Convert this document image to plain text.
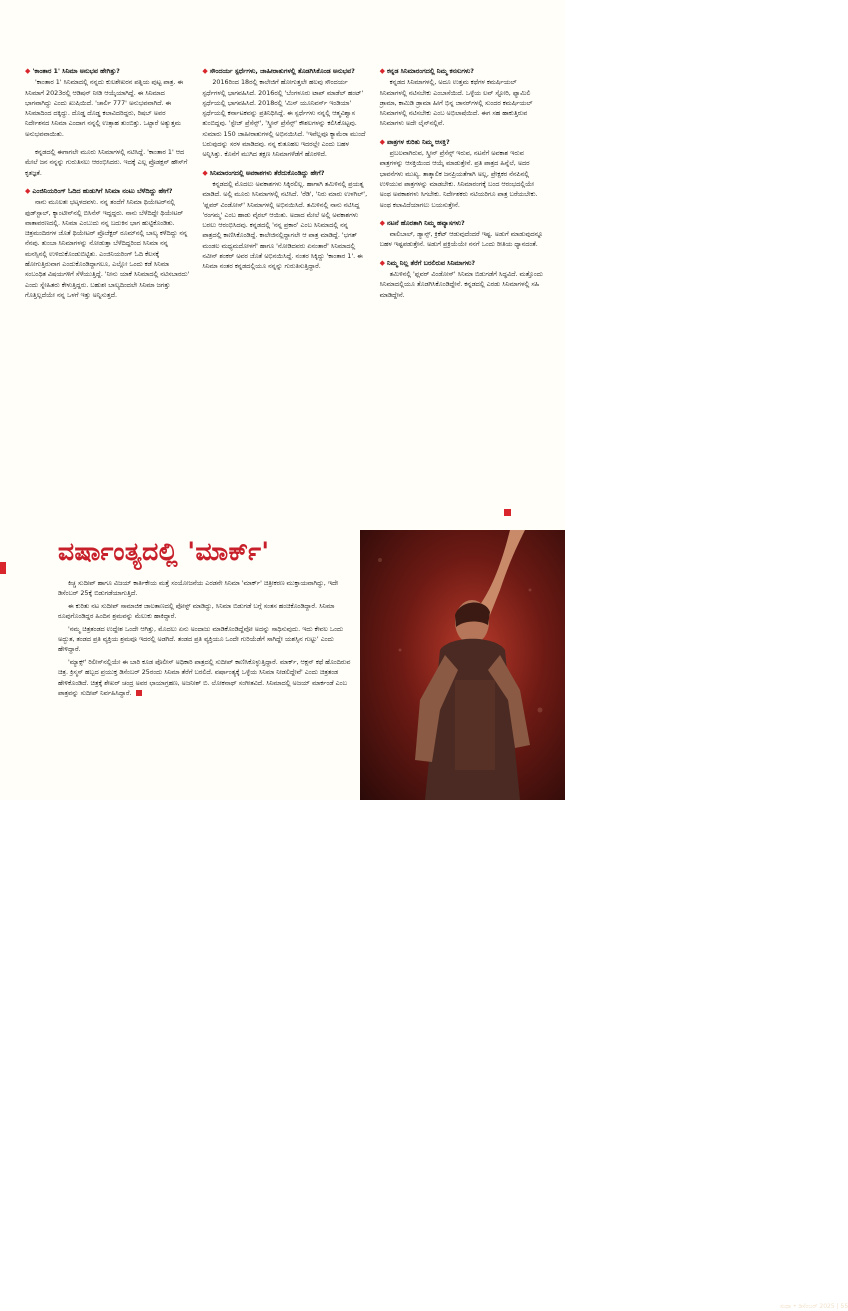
◆ 'ಕಾಂತಾರ 1' ಸಿನಿಮಾ ಅನುಭವ ಹೇಗಿತ್ತು?

'ಕಾಂತಾರ 1' ಸಿನಿಮಾದಲ್ಲಿ ನನ್ನದು ಕುಲಶೇಖರನ ಪತ್ನಿಯ ಪುಟ್ಟ ಪಾತ್ರ. ಈ ಸಿನಿಮಾಗೆ 2023ರಲ್ಲಿ ಆಡಿಷನ್ ನೀಡಿ ಆಯ್ಕೆಯಾಗಿದ್ದೆ. ಈ ಸಿನಿಮಾದ ಭಾಗವಾಗಿದ್ದು ಎಂದು ಖುಷಿಯಿದೆ. 'ಚಾರ್ಲಿ 777' ಅನುಭವವಾಗಿದೆ. ಈ ಸಿನಿಮಾದಿಂದ ದಕ್ಕಿದ್ದು. ದೊಡ್ಡ ದೊಡ್ಡ ಕಲಾವಿದರಿದ್ದರು, ರಿಷಬ್ ಅವರ ನಿರ್ದೇಶನದ ಸಿನಿಮಾ ಎಂದಾಗ ನನ್ನಲ್ಲಿ ಉತ್ಸಾಹ ತುಂಬಿತ್ತು. ಒಟ್ಟಾರೆ ಅತ್ಯುತ್ತಮ ಅನುಭವವಾಯಿತು.

ಕನ್ನಡದಲ್ಲಿ ಈಗಾಗಲೇ ಮೂರು ಸಿನಿಮಾಗಳಲ್ಲಿ ನಟಿಸಿದ್ದೆ. 'ಕಾಂತಾರ 1' ಆದ ಮೇಲೆ ಜನ ನನ್ನನ್ನು ಗುರುತಿಸಲು ಆರಂಭಿಸಿದರು. ಇದಕ್ಕೆ ಎಲ್ಲ ಪ್ರೊಡಕ್ಷನ್ ಹೌಸ್‌ಗೆ ಕೃತಜ್ಞತೆ.

◆ ಎಂಜಿನಿಯರಿಂಗ್ ಓದಿದ ಹುಡುಗಿಗೆ ಸಿನಿಮಾ ನಂಟು ಬೆಳೆದಿದ್ದು ಹೇಗೆ?

ನಾನು ಮೂಲತಃ ಭಟ್ಕಳದವಳು. ನನ್ನ ತಂದೆಗೆ ಸಿನಿಮಾ ಥಿಯೇಟರ್‌ನಲ್ಲಿ ಫುಡ್‌ಸ್ಟಾಲ್, ಕ್ಯಾಂಟೀನ್‌ನಲ್ಲಿ ಬಿಸಿನೆಸ್ ಇದ್ದದ್ದರು. ನಾನು ಬೆಳೆದಿದ್ದೇ ಥಿಯೇಟರ್ ವಾತಾವರಣದಲ್ಲಿ. ಸಿನಿಮಾ ಎಂಬುದು ನನ್ನ ಬದುಕಿನ ಭಾಗ ಹುಟ್ಟಿಕೊಂಡಿತು. ಚಿತ್ರಮಂದಿರಗಳ ಜೊತೆ ಥಿಯೇಟರ್ ಪ್ರೊಜೆಕ್ಟರ್ ರೂಮ್‌ನಲ್ಲಿ ಬಾಲ್ಯ ಕಳೆದಿದ್ದು ನನ್ನ ನೆನಪು. ತುಂಬಾ ಸಿನಿಮಾಗಳನ್ನು ನೋಡುತ್ತಾ ಬೆಳೆದಿದ್ದರಿಂದ ಸಿನಿಮಾ ನನ್ನ ಮನಸ್ಸಿನಲ್ಲಿ ಉಳಿದುಕೊಂಡುಬಿಟ್ಟಿತು. ಎಂಜಿನಿಯರಿಂಗ್ ಓದಿ ಕೆಲಸಕ್ಕೆ ಹೋಗುತ್ತಿರುವಾಗ ಎಂದುಕೊಂಡಿದ್ದಾಗಲೂ, ಎಲ್ಲೋ ಒಂದು ಕಡೆ ಸಿನಿಮಾ ಸಂಬಂಧಿತ ವಿಷಯಗಳಿಗೆ ಸೆಳೆಯುತ್ತಿದ್ದೆ. 'ನೀನು ಯಾಕೆ ಸಿನಿಮಾದಲ್ಲಿ ನಟಿಸಬಾರದು' ಎಂದು ಸ್ನೇಹಿತರು ಕೇಳುತ್ತಿದ್ದರು. ಬಹುಶಃ ಬಾಲ್ಯದಿಂದಲೇ ಸಿನಿಮಾ ಜಗತ್ತು ಗೊತ್ತಿಲ್ಲದೆಯೇ ನನ್ನ ಒಳಗೆ ಇತ್ತು ಅನ್ನಿಸುತ್ತದೆ.

◆ ಸೌಂದರ್ಯ ಸ್ಪರ್ಧೆಗಳು, ಜಾಹೀರಾತುಗಳಲ್ಲಿ ತೊಡಗಿಸಿಕೊಂಡ ಅನುಭವ?

2016ರಿಂದ 18ರಲ್ಲಿ ಕಾಲೇಜಿಗೆ ಹೋಗುತ್ತಲೇ ಹಲವು ಸೌಂದರ್ಯ ಸ್ಪರ್ಧೆಗಳಲ್ಲಿ ಭಾಗವಹಿಸಿದೆ. 2016ರಲ್ಲಿ 'ಬೆಂಗಳೂರು ಟಾಪ್ ಮಾಡೆಲ್ ಹಂಟ್' ಸ್ಪರ್ಧೆಯಲ್ಲಿ ಭಾಗವಹಿಸಿದೆ. 2018ರಲ್ಲಿ 'ಮಿಸ್ ಯೂನಿವರ್ಸ್ ಇಂಡಿಯಾ' ಸ್ಪರ್ಧೆಯಲ್ಲಿ ಕರ್ನಾಟಕವನ್ನು ಪ್ರತಿನಿಧಿಸಿದ್ದೆ. ಈ ಸ್ಪರ್ಧೆಗಳು ನನ್ನಲ್ಲಿ ಆತ್ಮವಿಶ್ವಾಸ ತುಂಬಿದ್ದವು. 'ಸ್ಟೇಜ್ ಪ್ರೆಸೆನ್ಸ್', 'ಸ್ಕ್ರೀನ್ ಪ್ರೆಸೆನ್ಸ್' ಕೌಶಲಗಳನ್ನು ಕಲಿಸಿಕೊಟ್ಟವು. ಸುಮಾರು 150 ಜಾಹೀರಾತುಗಳಲ್ಲಿ ಅಭಿನಯಿಸಿದೆ. 'ಇವೆಲ್ಲವೂ ಕ್ಯಾಮೆರಾ ಮುಂದೆ ಬರುವುದನ್ನು ಸರಳ ಮಾಡಿದವು. ನನ್ನ ಕುತೂಹಲ ಇದರಲ್ಲೇ ಎಂದು ಬಹಳ ಅನ್ನಿಸಿತ್ತು. ಕೊನೆಗೆ ಮುಗಿದ ತಕ್ಷಣ ಸಿನಿಮಾಗಳೆಡೆಗೆ ಹೊರಳಿದೆ.

◆ ಸಿನಿಮಾರಂಗದಲ್ಲಿ ಅವಕಾಶಗಳು ತೆರೆದುಕೊಂಡಿದ್ದು ಹೇಗೆ?

ಕನ್ನಡದಲ್ಲಿ ಮೊದಲು ಅವಕಾಶಗಳು ಸಿಕ್ಕಿರಲಿಲ್ಲ. ಹಾಗಾಗಿ ತಮಿಳಿನಲ್ಲಿ ಪ್ರಯತ್ನ ಮಾಡಿದೆ. ಅಲ್ಲಿ ಮೂರು ಸಿನಿಮಾಗಳಲ್ಲಿ ನಟಿಸಿದೆ. 'ರೆಡಿ', 'ನಿರು ಮಾರು ಉಳಗಿಲ್', 'ಫ್ಲವರ್ ವಿಂಡೋಸ್' ಸಿನಿಮಾಗಳಲ್ಲಿ ಅಭಿನಯಿಸಿದೆ. ತಮಿಳಿನಲ್ಲಿ ನಾನು ನಟಿಸಿದ್ದ 'ರಂಗಮ್ಮ' ಎಂಬ ಹಾಡು ವೈರಲ್ ಆಯಿತು. ಅದಾದ ಮೇಲೆ ಅಲ್ಲಿ ಅವಕಾಶಗಳು ಬರಲು ಆರಂಭಿಸಿದವು. ಕನ್ನಡದಲ್ಲಿ 'ನನ್ನ ಪ್ರಕಾರ' ಎಂಬ ಸಿನಿಮಾದಲ್ಲಿ ನನ್ನ ಪಾತ್ರದಲ್ಲಿ ಕಾಣಿಸಿಕೊಂಡಿದ್ದೆ. ಕಾಲೇಜಿನಲ್ಲಿದ್ದಾಗಲೇ ಆ ಪಾತ್ರ ಮಾಡಿದ್ದೆ. 'ಭಗತ್ ಮಂಡಲ ಮಧ್ಯಮದೋಳಗೆ' ಹಾಗೂ 'ನೋಡಿದವರು ಏನಂತಾರೆ' ಸಿನಿಮಾದಲ್ಲಿ ನವೀನ್ ಶಂಕರ್ ಅವರ ಜೊತೆ ಅಭಿನಯಿಸಿದ್ದೆ. ನಂತರ ಸಿಕ್ಕಿದ್ದು 'ಕಾಂತಾರ 1'. ಈ ಸಿನಿಮಾ ನಂತರ ಕನ್ನಡದಲ್ಲಿಯೂ ನನ್ನನ್ನು ಗುರುತಿಸುತ್ತಿದ್ದಾರೆ.

◆ ಕನ್ನಡ ಸಿನಿಮಾರಂಗದಲ್ಲಿ ನಿಮ್ಮ ಕನಸುಗಳು?

ಕನ್ನಡದ ಸಿನಿಮಾಗಳಲ್ಲಿ, ಅದೂ ಉತ್ತಮ ಕಥೆಗಳ ಕಮರ್ಷಿಯಲ್ ಸಿನಿಮಾಗಳಲ್ಲಿ ನಟಿಸಬೇಕು ಎಂಬಾಸೆಯಿದೆ. ಒಳ್ಳೆಯ ಲವ್ ಸ್ಟೋರಿ, ಫ್ಯಾಮಿಲಿ ಡ್ರಾಮಾ, ಕಾಮಿಡಿ ಡ್ರಾಮಾ ಹೀಗೆ ಭಿನ್ನ ಜಾನರ್‌ಗಳಲ್ಲಿ ಸುಂದರ ಕಮರ್ಷಿಯಲ್ ಸಿನಿಮಾಗಳಲ್ಲಿ ನಟಿಸಬೇಕು ಎಂಬ ಅಭಿಲಾಷೆಯಿದೆ. ಈಗ ಸಹ ಹಾಕುತ್ತಿರುವ ಸಿನಿಮಾಗಳು ಅದೇ ಲೈನ್‌ನಲ್ಲಿವೆ.

◆ ಪಾತ್ರಗಳ ಕುರಿತು ನಿಮ್ಮ ಆಸಕ್ತಿ?

ಪ್ರಬಲವಾಗಿರುವ, ಸ್ಕ್ರೀನ್ ಪ್ರೆಸೆನ್ಸ್ ಇರುವ, ನಟನೆಗೆ ಅವಕಾಶ ಇರುವ ಪಾತ್ರಗಳನ್ನು ಆಸಕ್ತಿಯಿಂದ ಆಯ್ಕೆ ಮಾಡುತ್ತೇನೆ. ಪ್ರತಿ ಪಾತ್ರದ ಹಿನ್ನೆಲೆ, ಅದರ ಭಾವನೆಗಳು ಮುಖ್ಯ. ತಾತ್ಕಾಲಿಕ ಜನಪ್ರಿಯತೆಗಾಗಿ ಅಲ್ಲ, ಪ್ರೇಕ್ಷಕರ ನೆನಪಿನಲ್ಲಿ ಉಳಿಯುವ ಪಾತ್ರಗಳನ್ನು ಮಾಡಬೇಕು. ಸಿನಿಮಾರಂಗಕ್ಕೆ ಬಂದ ಆರಂಭದಲ್ಲಿಯೇ ಅಂಥ ಅವಕಾಶಗಳು ಸಿಗಬೇಕು. ನಿರ್ದೇಶಕರು ನಟಿಯರಿಗೂ ಪಾತ್ರ ಬರೆಯಬೇಕು. ಅಂಥ ಕಲಾವಿದೆಯಾಗಲು ಬಯಸುತ್ತೇನೆ.

◆ ನಟನೆ ಹೊರತಾಗಿ ನಿಮ್ಮ ಹವ್ಯಾಸಗಳು?

ವಾಲಿಬಾಲ್, ಡ್ಯಾನ್ಸ್, ಕ್ರಿಕೆಟ್ ಆಡುವುದೆಂದರೆ ಇಷ್ಟ. ಅಡುಗೆ ಮಾಡುವುದನ್ನೂ ಬಹಳ ಇಷ್ಟಪಡುತ್ತೇನೆ. ಅಡುಗೆ ಪ್ರಕ್ರಿಯೆಯೇ ನನಗೆ ಒಂದು ರೀತಿಯ ಧ್ಯಾನದಂತೆ.

◆ ನಿಮ್ಮ ನಿಲ್ಲ ತೆರೆಗೆ ಬರಲಿರುವ ಸಿನಿಮಾಗಳು?

ತಮಿಳಿನಲ್ಲಿ 'ಫ್ಲವರ್ ವಿಂಡೋಸ್' ಸಿನಿಮಾ ಬಿಡುಗಡೆಗೆ ಸಿದ್ಧವಿದೆ. ಮತ್ತೊಂದು ಸಿನಿಮಾದಲ್ಲಿಯೂ ತೊಡಗಿಸಿಕೊಂಡಿದ್ದೇನೆ. ಕನ್ನಡದಲ್ಲಿ ಎರಡು ಸಿನಿಮಾಗಳಲ್ಲಿ ಸಹಿ ಮಾಡಿದ್ದೇನೆ.

ವರ್ಷಾಂತ್ಯದಲ್ಲಿ 'ಮಾರ್ಕ್'

ಕಿಚ್ಚ ಸುದೀಪ್ ಹಾಗೂ ವಿಜಯ್ ಕಾರ್ತಿಕೇಯ ಮತ್ತೆ ಸಂಯೋಜನೆಯ ಎರಡನೇ ಸಿನಿಮಾ 'ಮಾರ್ಕ್' ಚಿತ್ರೀಕರಣ ಮುಕ್ತಾಯವಾಗಿದ್ದು, ಇದೇ ಡಿಸೆಂಬರ್ 25ಕ್ಕೆ ಬಿಡುಗಡೆಯಾಗುತ್ತಿದೆ.

ಈ ಕುರಿತು ನಟ ಸುದೀಪ್ ಸಾಮಾಜಿಕ ಜಾಲತಾಣದಲ್ಲಿ ಪೋಸ್ಟ್ ಮಾಡಿದ್ದು, ಸಿನಿಮಾ ಬಿಡುಗಡೆ ಬಗ್ಗೆ ಸಂತಸ ಹಂಚಿಕೊಂಡಿದ್ದಾರೆ. ಸಿನಿಮಾ ರೂಪುಗೊಂಡಿದ್ದರ ಹಿಂದಿನ ಶ್ರಮವನ್ನು ಮೆಲುಕು ಹಾಕಿದ್ದಾರೆ.

'ನಮ್ಮ ಚಿತ್ರತಂಡದ ಉದ್ದೇಶ ಒಂದೇ ಆಗಿತ್ತು, ಮೊದಲು ಏನು ಅಂದಾಜು ಮಾಡಿಕೊಂಡಿದ್ದೆವೋ ಅದನ್ನು ಸಾಧಿಸುವುದು. ಇದು ಕೇವಲ ಒಂದು ಅದ್ಭುತ, ತಂಡದ ಪ್ರತಿ ವ್ಯಕ್ತಿಯ ಶ್ರಮವೂ ಇದರಲ್ಲಿ ಅಡಗಿದೆ. ತಂಡದ ಪ್ರತಿ ವ್ಯಕ್ತಿಯೂ ಒಂದೇ ಗುರಿಯೆಡೆಗೆ ಸಾಗಿದ್ದೇ ಯಶಸ್ಸಿನ ಗುಟ್ಟು' ಎಂದು ಹೇಳಿದ್ದಾರೆ.

'ಮ್ಯಾಕ್ಸ್' ರಿಲೀಸ್‌ನಲ್ಲಿಯೇ ಈ ಬಾರಿ ಕೂಡ ಪೊಲೀಸ್ ಅಧಿಕಾರಿ ಪಾತ್ರದಲ್ಲಿ ಸುದೀಪ್ ಕಾಣಿಸಿಕೊಳ್ಳುತ್ತಿದ್ದಾರೆ. ಮಾರ್ಕ್, ಆಕ್ಷನ್ ಕಥೆ ಹೊಂದಿರುವ ಚಿತ್ರ. ಕ್ರಿಸ್ಮಸ್ ಹಬ್ಬದ ಪ್ರಯುಕ್ತ ಡಿಸೆಂಬರ್ 25ರಂದು ಸಿನಿಮಾ ತೆರೆಗೆ ಬರಲಿದೆ. ವರ್ಷಾಂತ್ಯಕ್ಕೆ ಒಳ್ಳೆಯ ಸಿನಿಮಾ ನೀಡಲಿದ್ದೇವೆ' ಎಂದು ಚಿತ್ರತಂಡ ಹೇಳಿಕೊಂಡಿದೆ. ಚಿತ್ರಕ್ಕೆ ಶೇಖರ್ ಚಂದ್ರ ಅವರ ಛಾಯಾಗ್ರಹಣ, ಅಜನೀಶ್ ಬಿ. ಲೋಕನಾಥ್ ಸಂಗೀತವಿದೆ. ಸಿನಿಮಾದಲ್ಲಿ ಅಜಯ್ ಮಾರ್ಕಂಡೆ ಎಂಬ ಪಾತ್ರವನ್ನು ಸುದೀಪ್ ನಿರ್ವಹಿಸಿದ್ದಾರೆ.

ಸುಧಾ • ಡಿಸೆಂಬರ್ 2025 | 55
